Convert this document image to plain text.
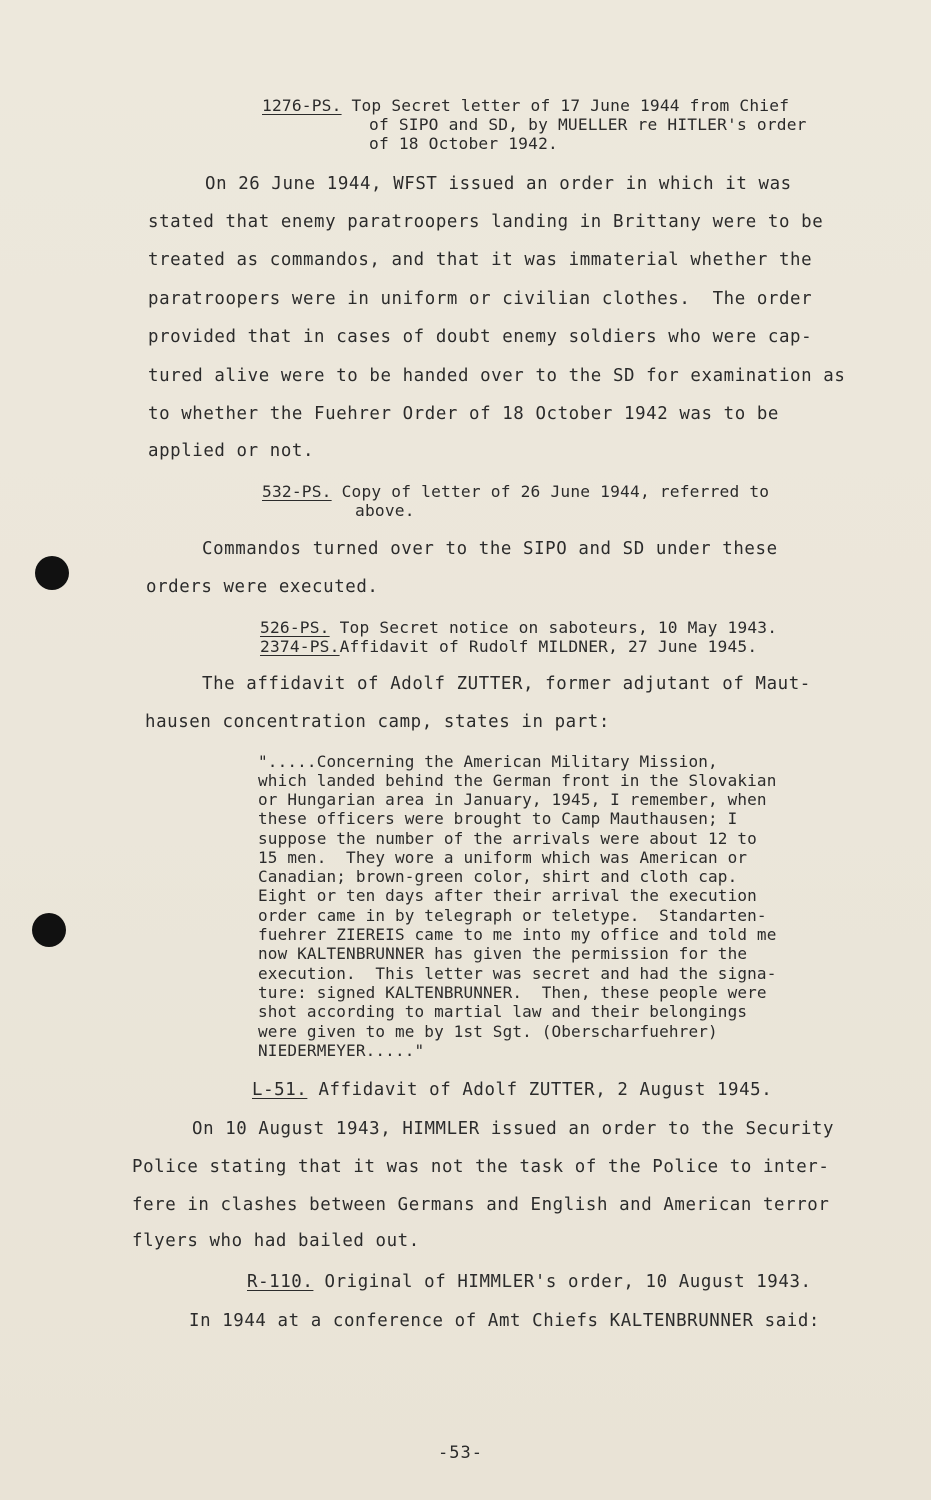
1276-PS. Top Secret letter of 17 June 1944 from Chief
of SIPO and SD, by MUELLER re HITLER's order
of 18 October 1942.
On 26 June 1944, WFST issued an order in which it was
stated that enemy paratroopers landing in Brittany were to be
treated as commandos, and that it was immaterial whether the
paratroopers were in uniform or civilian clothes.  The order
provided that in cases of doubt enemy soldiers who were cap-
tured alive were to be handed over to the SD for examination as
to whether the Fuehrer Order of 18 October 1942 was to be
applied or not.
532-PS. Copy of letter of 26 June 1944, referred to
above.
Commandos turned over to the SIPO and SD under these
orders were executed.
526-PS. Top Secret notice on saboteurs, 10 May 1943.
2374-PS.Affidavit of Rudolf MILDNER, 27 June 1945.
The affidavit of Adolf ZUTTER, former adjutant of Maut-
hausen concentration camp, states in part:
".....Concerning the American Military Mission,
which landed behind the German front in the Slovakian
or Hungarian area in January, 1945, I remember, when
these officers were brought to Camp Mauthausen; I
suppose the number of the arrivals were about 12 to
15 men.  They wore a uniform which was American or
Canadian; brown-green color, shirt and cloth cap.
Eight or ten days after their arrival the execution
order came in by telegraph or teletype.  Standarten-
fuehrer ZIEREIS came to me into my office and told me
now KALTENBRUNNER has given the permission for the
execution.  This letter was secret and had the signa-
ture: signed KALTENBRUNNER.  Then, these people were
shot according to martial law and their belongings
were given to me by 1st Sgt. (Oberscharfuehrer)
NIEDERMEYER....."
L-51. Affidavit of Adolf ZUTTER, 2 August 1945.
On 10 August 1943, HIMMLER issued an order to the Security
Police stating that it was not the task of the Police to inter-
fere in clashes between Germans and English and American terror
flyers who had bailed out.
R-110. Original of HIMMLER's order, 10 August 1943.
In 1944 at a conference of Amt Chiefs KALTENBRUNNER said:
-53-
